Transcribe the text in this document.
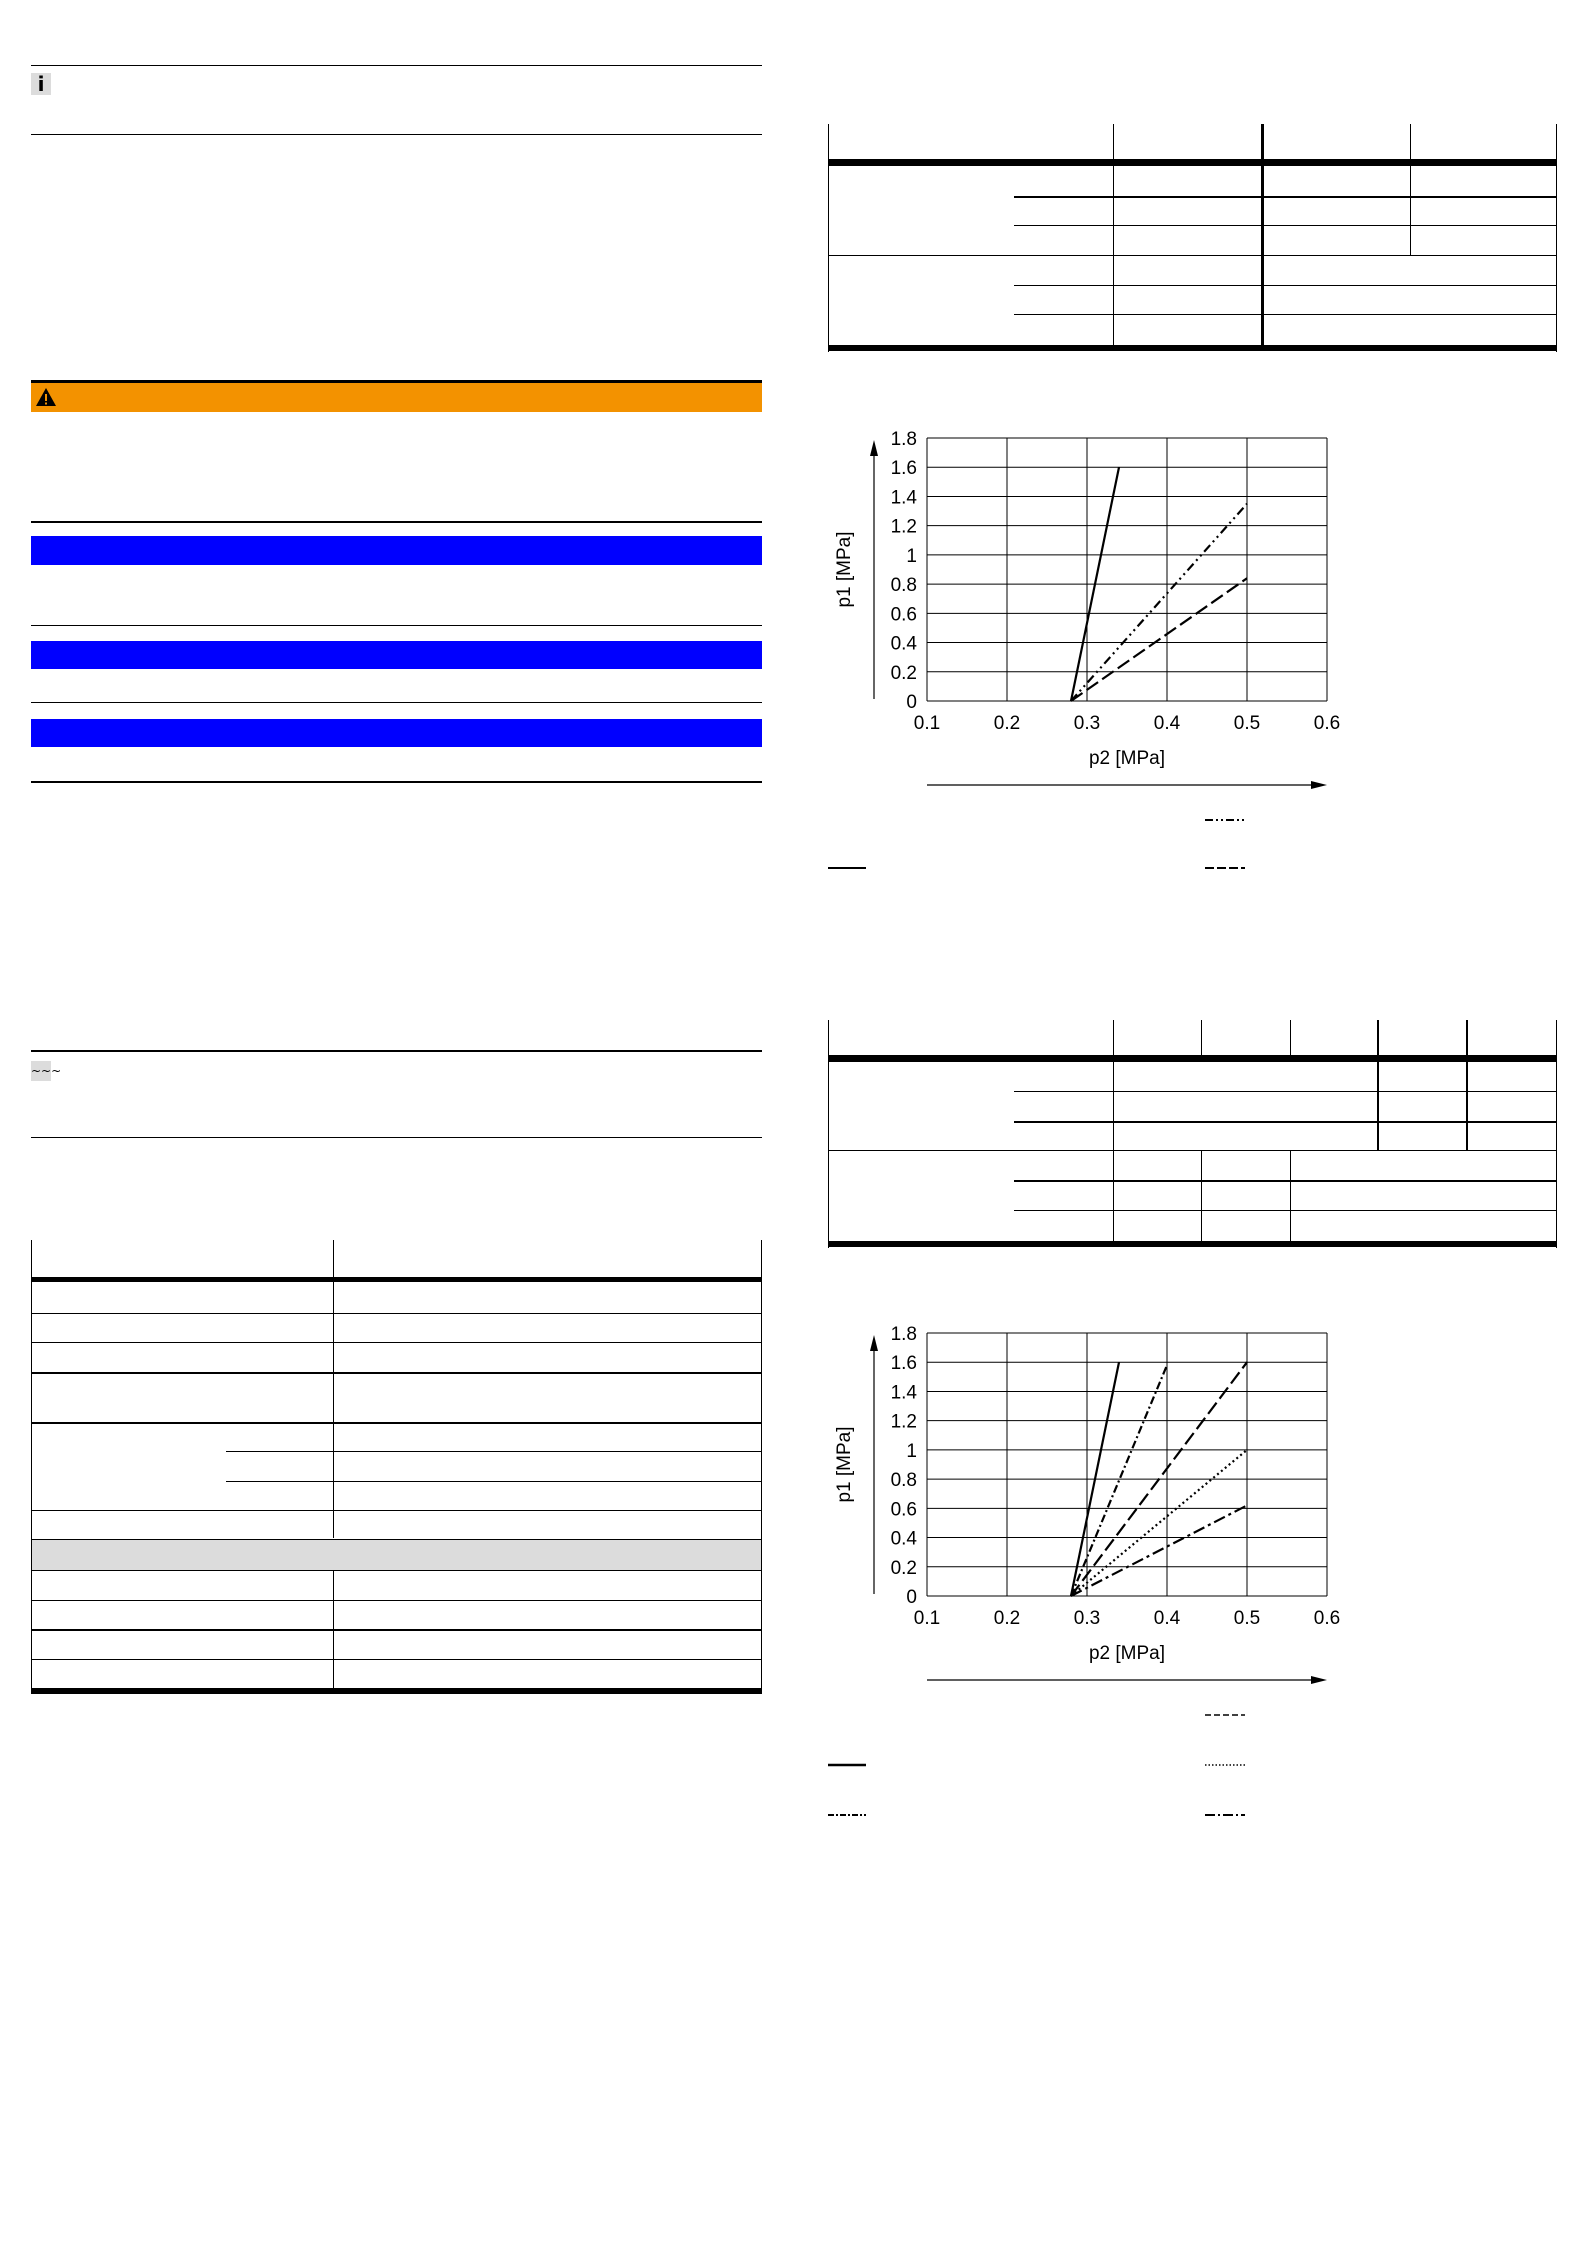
i
~~~
0.1	0.2	0.3	0.4	0.5	0.6
0
0.2
0.4
0.6
0.8
1
1.2
1.4
1.6
1.8
p2 [MPa]
p1 [MPa]
0.1	0.2	0.3	0.4	0.5	0.6
0
0.2
0.4
0.6
0.8
1
1.2
1.4
1.6
1.8
p2 [MPa]
p1 [MPa]
